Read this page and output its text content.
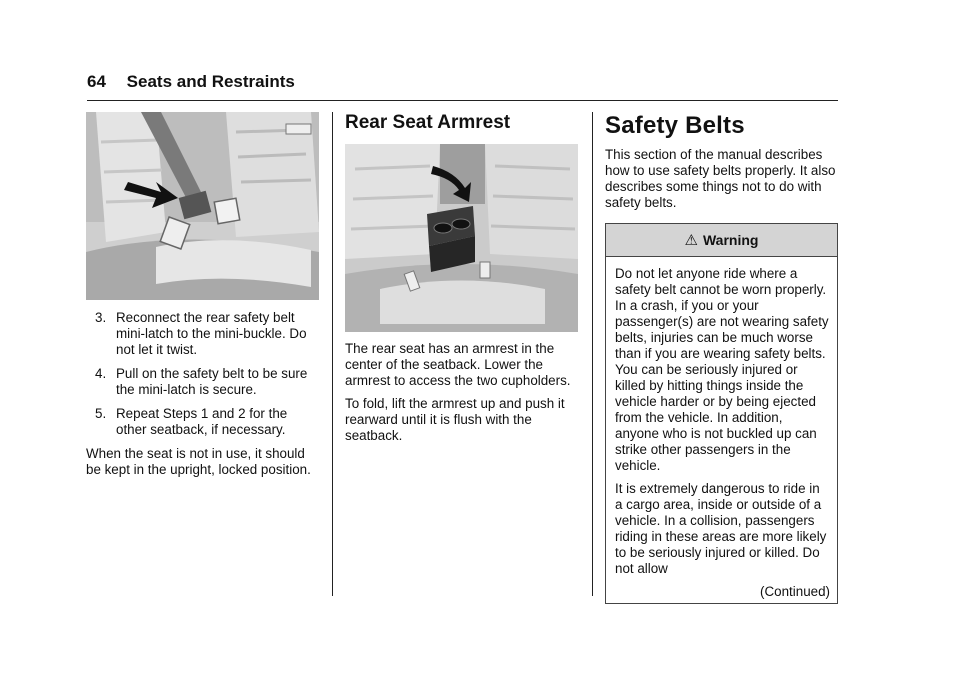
64 Seats and Restraints
3. Reconnect the rear safety belt mini-latch to the mini-buckle. Do not let it twist.
4. Pull on the safety belt to be sure the mini-latch is secure.
5. Repeat Steps 1 and 2 for the other seatback, if necessary.

When the seat is not in use, it should be kept in the upright, locked position.

Rear Seat Armrest

The rear seat has an armrest in the center of the seatback. Lower the armrest to access the two cupholders.

To fold, lift the armrest up and push it rearward until it is flush with the seatback.

Safety Belts

This section of the manual describes how to use safety belts properly. It also describes some things not to do with safety belts.

⚠ Warning

Do not let anyone ride where a safety belt cannot be worn properly. In a crash, if you or your passenger(s) are not wearing safety belts, injuries can be much worse than if you are wearing safety belts. You can be seriously injured or killed by hitting things inside the vehicle harder or by being ejected from the vehicle. In addition, anyone who is not buckled up can strike other passengers in the vehicle.

It is extremely dangerous to ride in a cargo area, inside or outside of a vehicle. In a collision, passengers riding in these areas are more likely to be seriously injured or killed. Do not allow

(Continued)
